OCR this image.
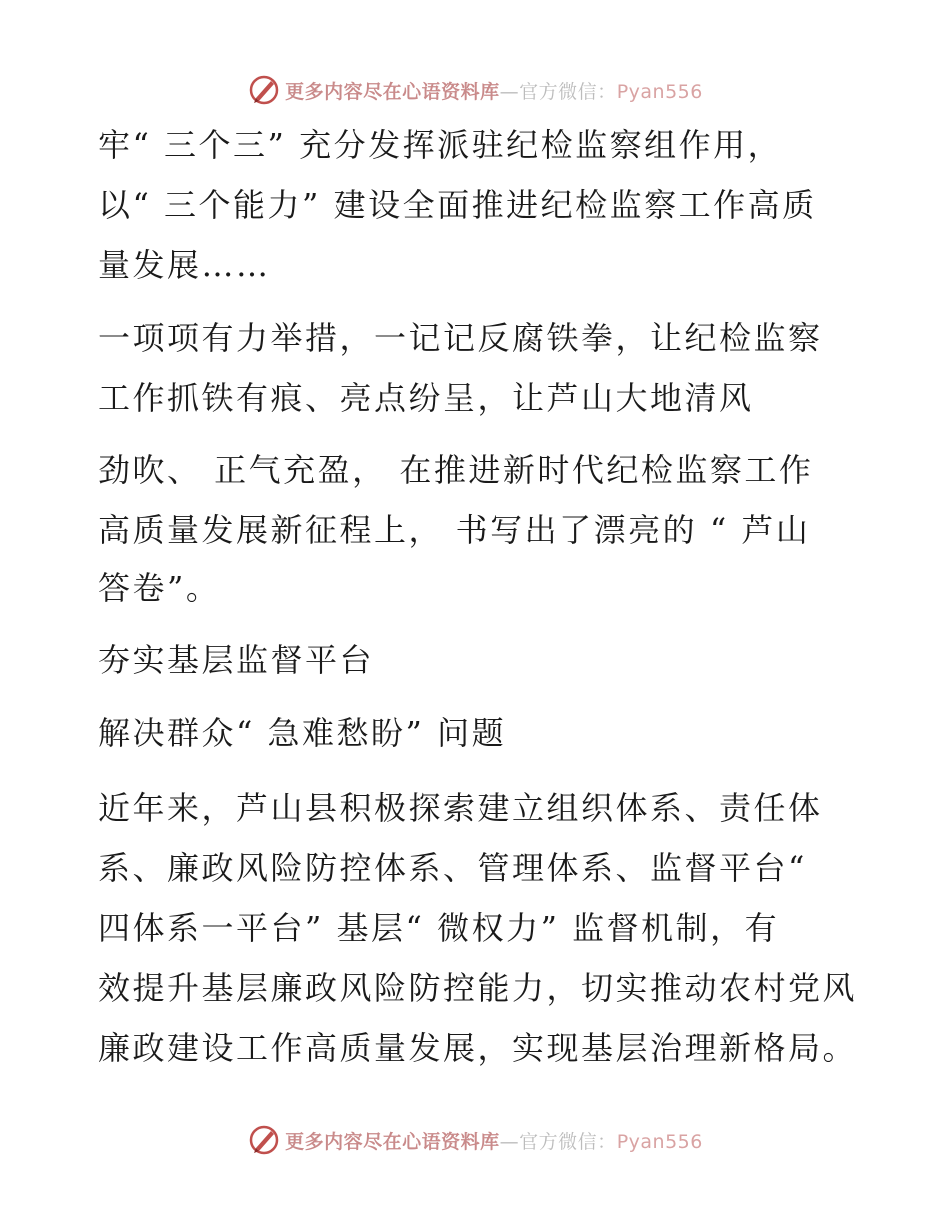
更多内容尽在心语资料库—官方微信：Pyan556
牢“ 三个三” 充分发挥派驻纪检监察组作用，
以“ 三个能力” 建设全面推进纪检监察工作高质
量发展……
一项项有力举措，一记记反腐铁拳，让纪检监察
工作抓铁有痕、亮点纷呈，让芦山大地清风
劲吹、 正气充盈， 在推进新时代纪检监察工作
高质量发展新征程上， 书写出了漂亮的 “ 芦山
答卷”。
夯实基层监督平台
解决群众“ 急难愁盼” 问题
近年来，芦山县积极探索建立组织体系、责任体
系、廉政风险防控体系、管理体系、监督平台“
四体系一平台” 基层“ 微权力” 监督机制，有
效提升基层廉政风险防控能力，切实推动农村党风
廉政建设工作高质量发展，实现基层治理新格局。
更多内容尽在心语资料库—官方微信：Pyan556
